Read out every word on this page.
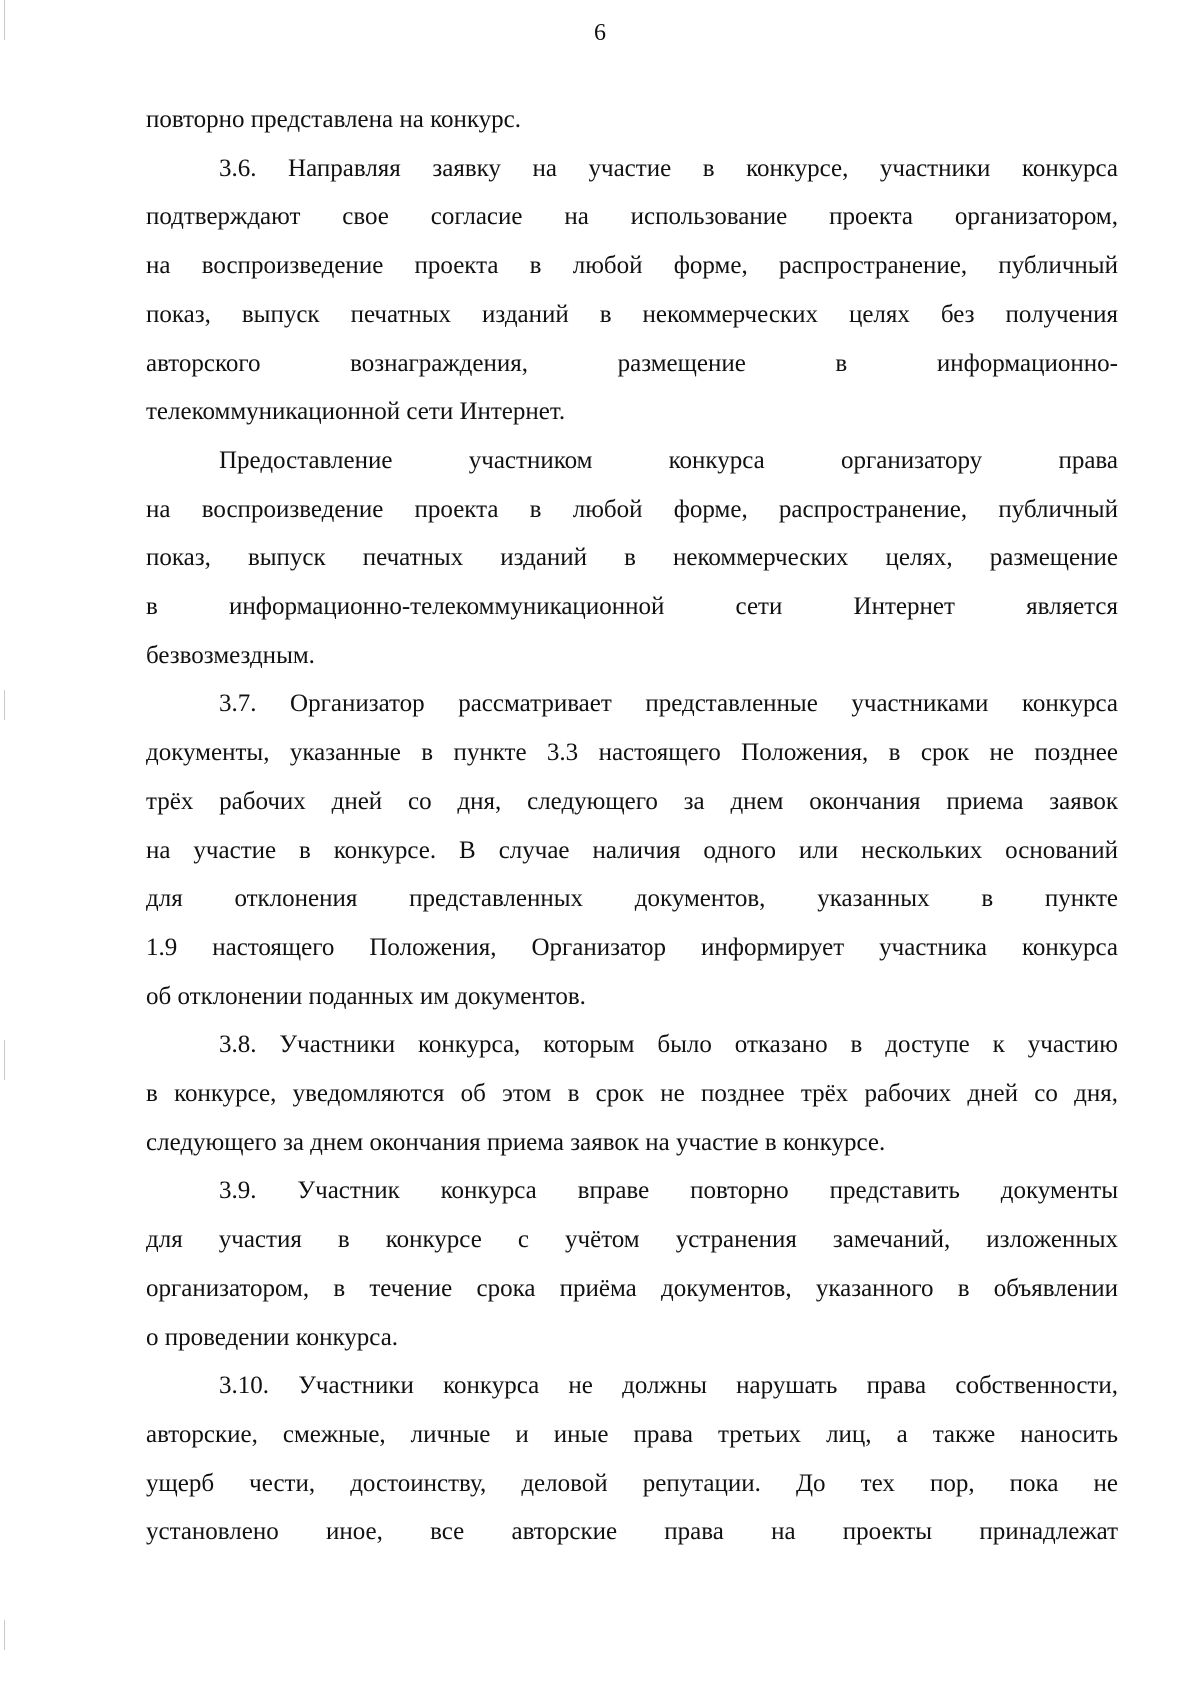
6

повторно представлена на конкурс.

3.6. Направляя заявку на участие в конкурсе, участники конкурса
подтверждают свое согласие на использование проекта организатором,
на воспроизведение проекта в любой форме, распространение, публичный
показ, выпуск печатных изданий в некоммерческих целях без получения
авторского вознаграждения, размещение в информационно-
телекоммуникационной сети Интернет.

Предоставление участником конкурса организатору права
на воспроизведение проекта в любой форме, распространение, публичный
показ, выпуск печатных изданий в некоммерческих целях, размещение
в информационно-телекоммуникационной сети Интернет является
безвозмездным.

3.7. Организатор рассматривает представленные участниками конкурса
документы, указанные в пункте 3.3 настоящего Положения, в срок не позднее
трёх рабочих дней со дня, следующего за днем окончания приема заявок
на участие в конкурсе. В случае наличия одного или нескольких оснований
для отклонения представленных документов, указанных в пункте
1.9 настоящего Положения, Организатор информирует участника конкурса
об отклонении поданных им документов.

3.8. Участники конкурса, которым было отказано в доступе к участию
в конкурсе, уведомляются об этом в срок не позднее трёх рабочих дней со дня,
следующего за днем окончания приема заявок на участие в конкурсе.

3.9. Участник конкурса вправе повторно представить документы
для участия в конкурсе с учётом устранения замечаний, изложенных
организатором, в течение срока приёма документов, указанного в объявлении
о проведении конкурса.

3.10. Участники конкурса не должны нарушать права собственности,
авторские, смежные, личные и иные права третьих лиц, а также наносить
ущерб чести, достоинству, деловой репутации. До тех пор, пока не
установлено иное, все авторские права на проекты принадлежат
